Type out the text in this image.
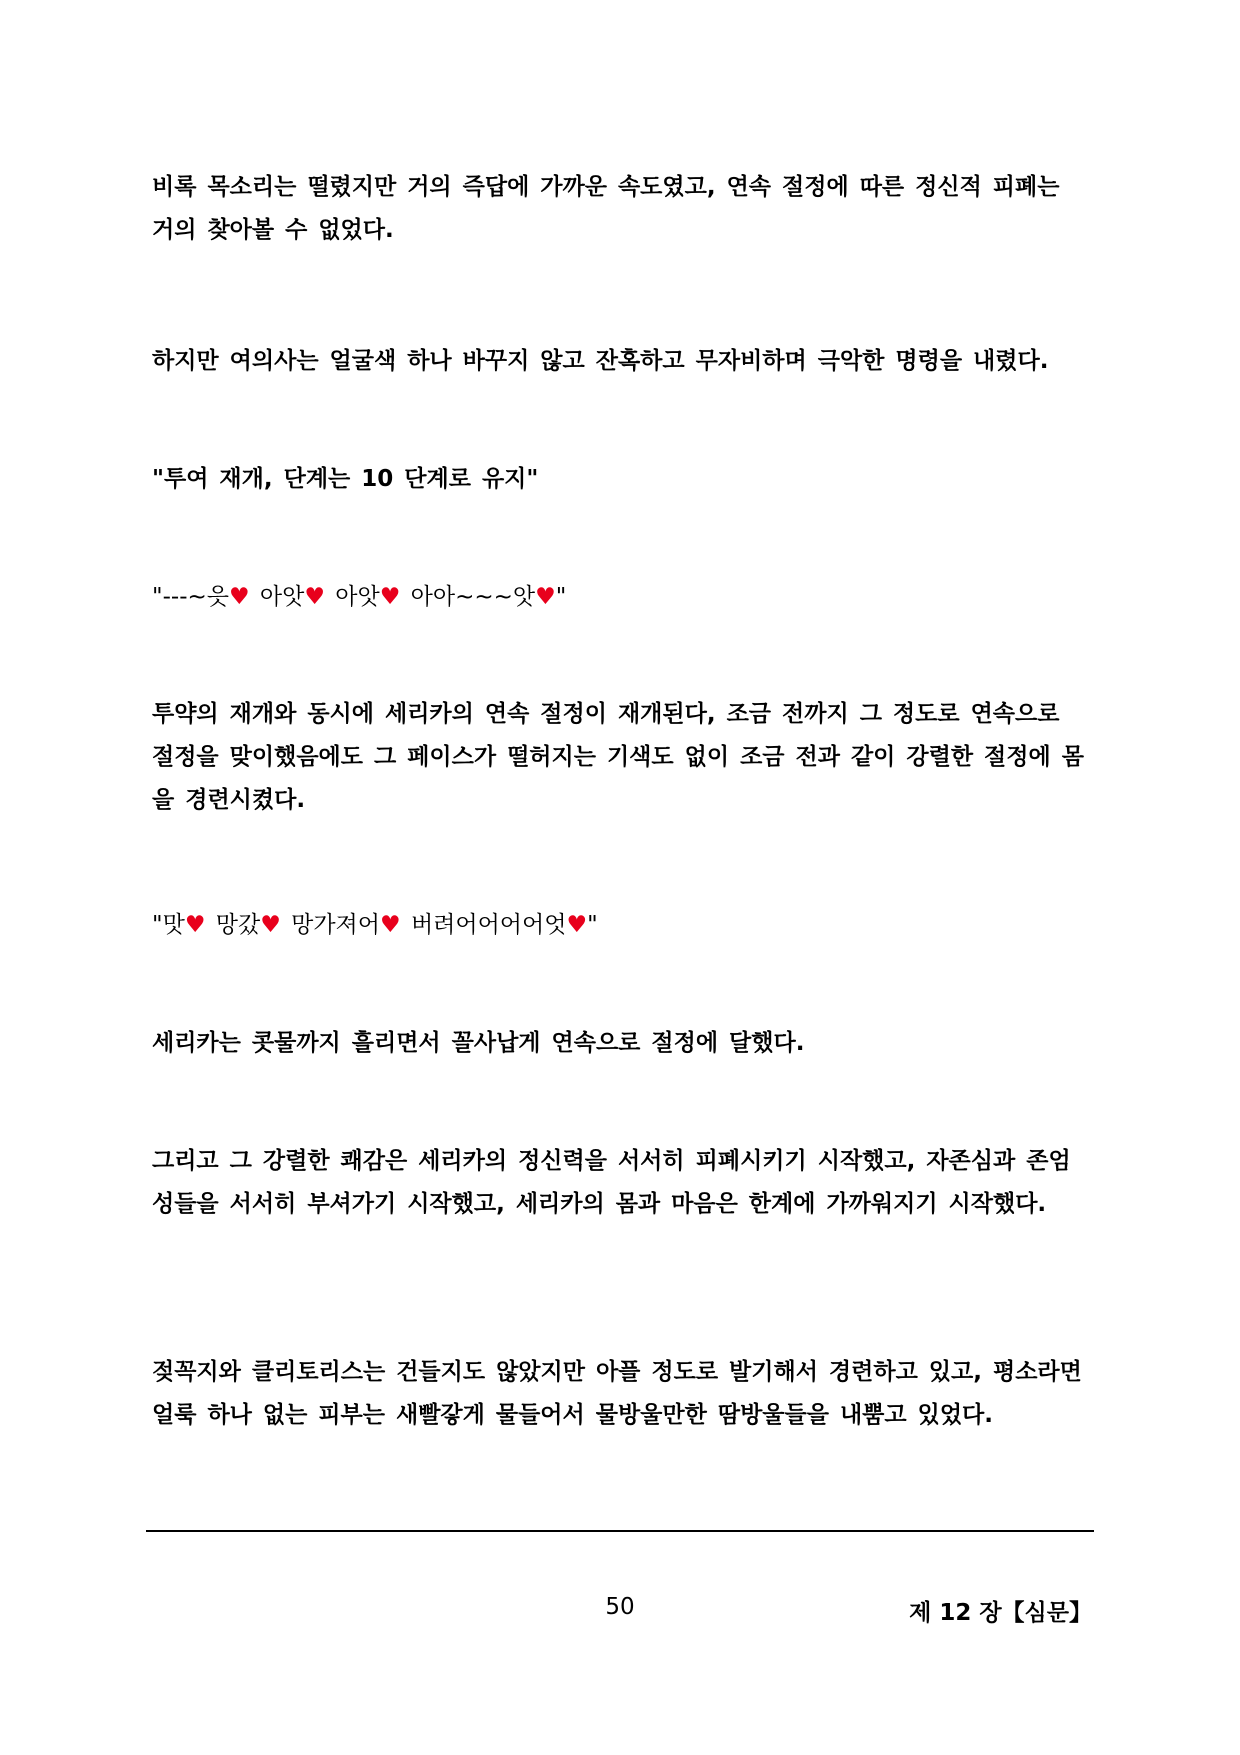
비록 목소리는 떨렸지만 거의 즉답에 가까운 속도였고, 연속 절정에 따른 정신적 피폐는 거의 찾아볼 수 없었다.
하지만 여의사는 얼굴색 하나 바꾸지 않고 잔혹하고 무자비하며 극악한 명령을 내렸다.
"투여 재개, 단계는 10 단계로 유지"
"---~읏♥ 아앗♥ 아앗♥ 아아~~~앗♥"
투약의 재개와 동시에 세리카의 연속 절정이 재개된다, 조금 전까지 그 정도로 연속으로 절정을 맞이했음에도 그 페이스가 떨허지는 기색도 없이 조금 전과 같이 강렬한 절정에 몸을 경련시켰다.
"맛♥ 망갔♥ 망가져어♥ 버려어어어어엇♥"
세리카는 콧물까지 흘리면서 꼴사납게 연속으로 절정에 달했다.
그리고 그 강렬한 쾌감은 세리카의 정신력을 서서히 피폐시키기 시작했고, 자존심과 존엄성들을 서서히 부셔가기 시작했고, 세리카의 몸과 마음은 한계에 가까워지기 시작했다.
젖꼭지와 클리토리스는 건들지도 않았지만 아플 정도로 발기해서 경련하고 있고, 평소라면 얼룩 하나 없는 피부는 새빨갛게 물들어서 물방울만한 땀방울들을 내뿜고 있었다.
50	제 12 장【심문】
